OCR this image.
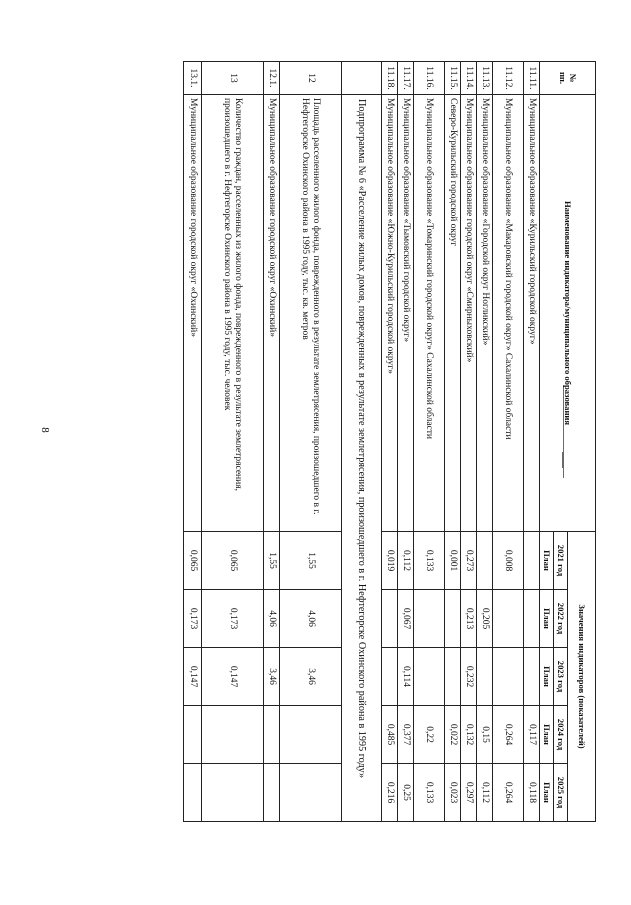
8
№
пп.	Наименование индикатора/муниципального образования	Значения индикаторов (показателей)				
		2021 год	2022 год	2023 год	2024 год	2025 год
		План	План	План	План	План
11.11.	Муниципальное образование «Курильский городской округ»				0,117	0,118
11.12.	Муниципальное образование «Макаровский городской округ» Сахалинской области	0,008			0,264	0,264
11.13.	Муниципальное образование «Городской округ Ногликский»		0,205		0,15	0,112
11.14.	Муниципальное образование городской округ «Смирныховский»	0,273	0,213	0,232	0,132	0,297
11.15.	Северо-Курильский городской округ	0,001			0,022	0,023
11.16.	Муниципальное образование «Томаринский городской округ» Сахалинской области	0,133			0,22	0,133
11.17.	Муниципальное образование «Тымовский городской округ»	0,112	0,067	0,114	0,377	0,25
11.18.	Муниципальное образование «Южно-Курильский городской округ»	0,019			0,485	0,216
	Подпрограмма № 6 «Расселение жилых домов, поврежденных в результате землетрясения, произошедшего в г. Нефтегорске Охинского района в 1995 году»					
12	Площадь расселенного жилого фонда, поврежденного в результате землетрясения, произошедшего в г. Нефтегорске Охинского района в 1995 году, тыс. кв. метров	1,55	4,06	3,46		
12.1.	Муниципальное образование городской округ «Охинский»	1,55	4,06	3,46		
13	Количество граждан, расселенных из жилого фонда, поврежденного в результате землетрясения, произошедшего в г. Нефтегорске Охинского района в 1995 году, тыс. человек	0,065	0,173	0,147		
13.1.	Муниципальное образование городской округ «Охинский»	0,065	0,173	0,147		
